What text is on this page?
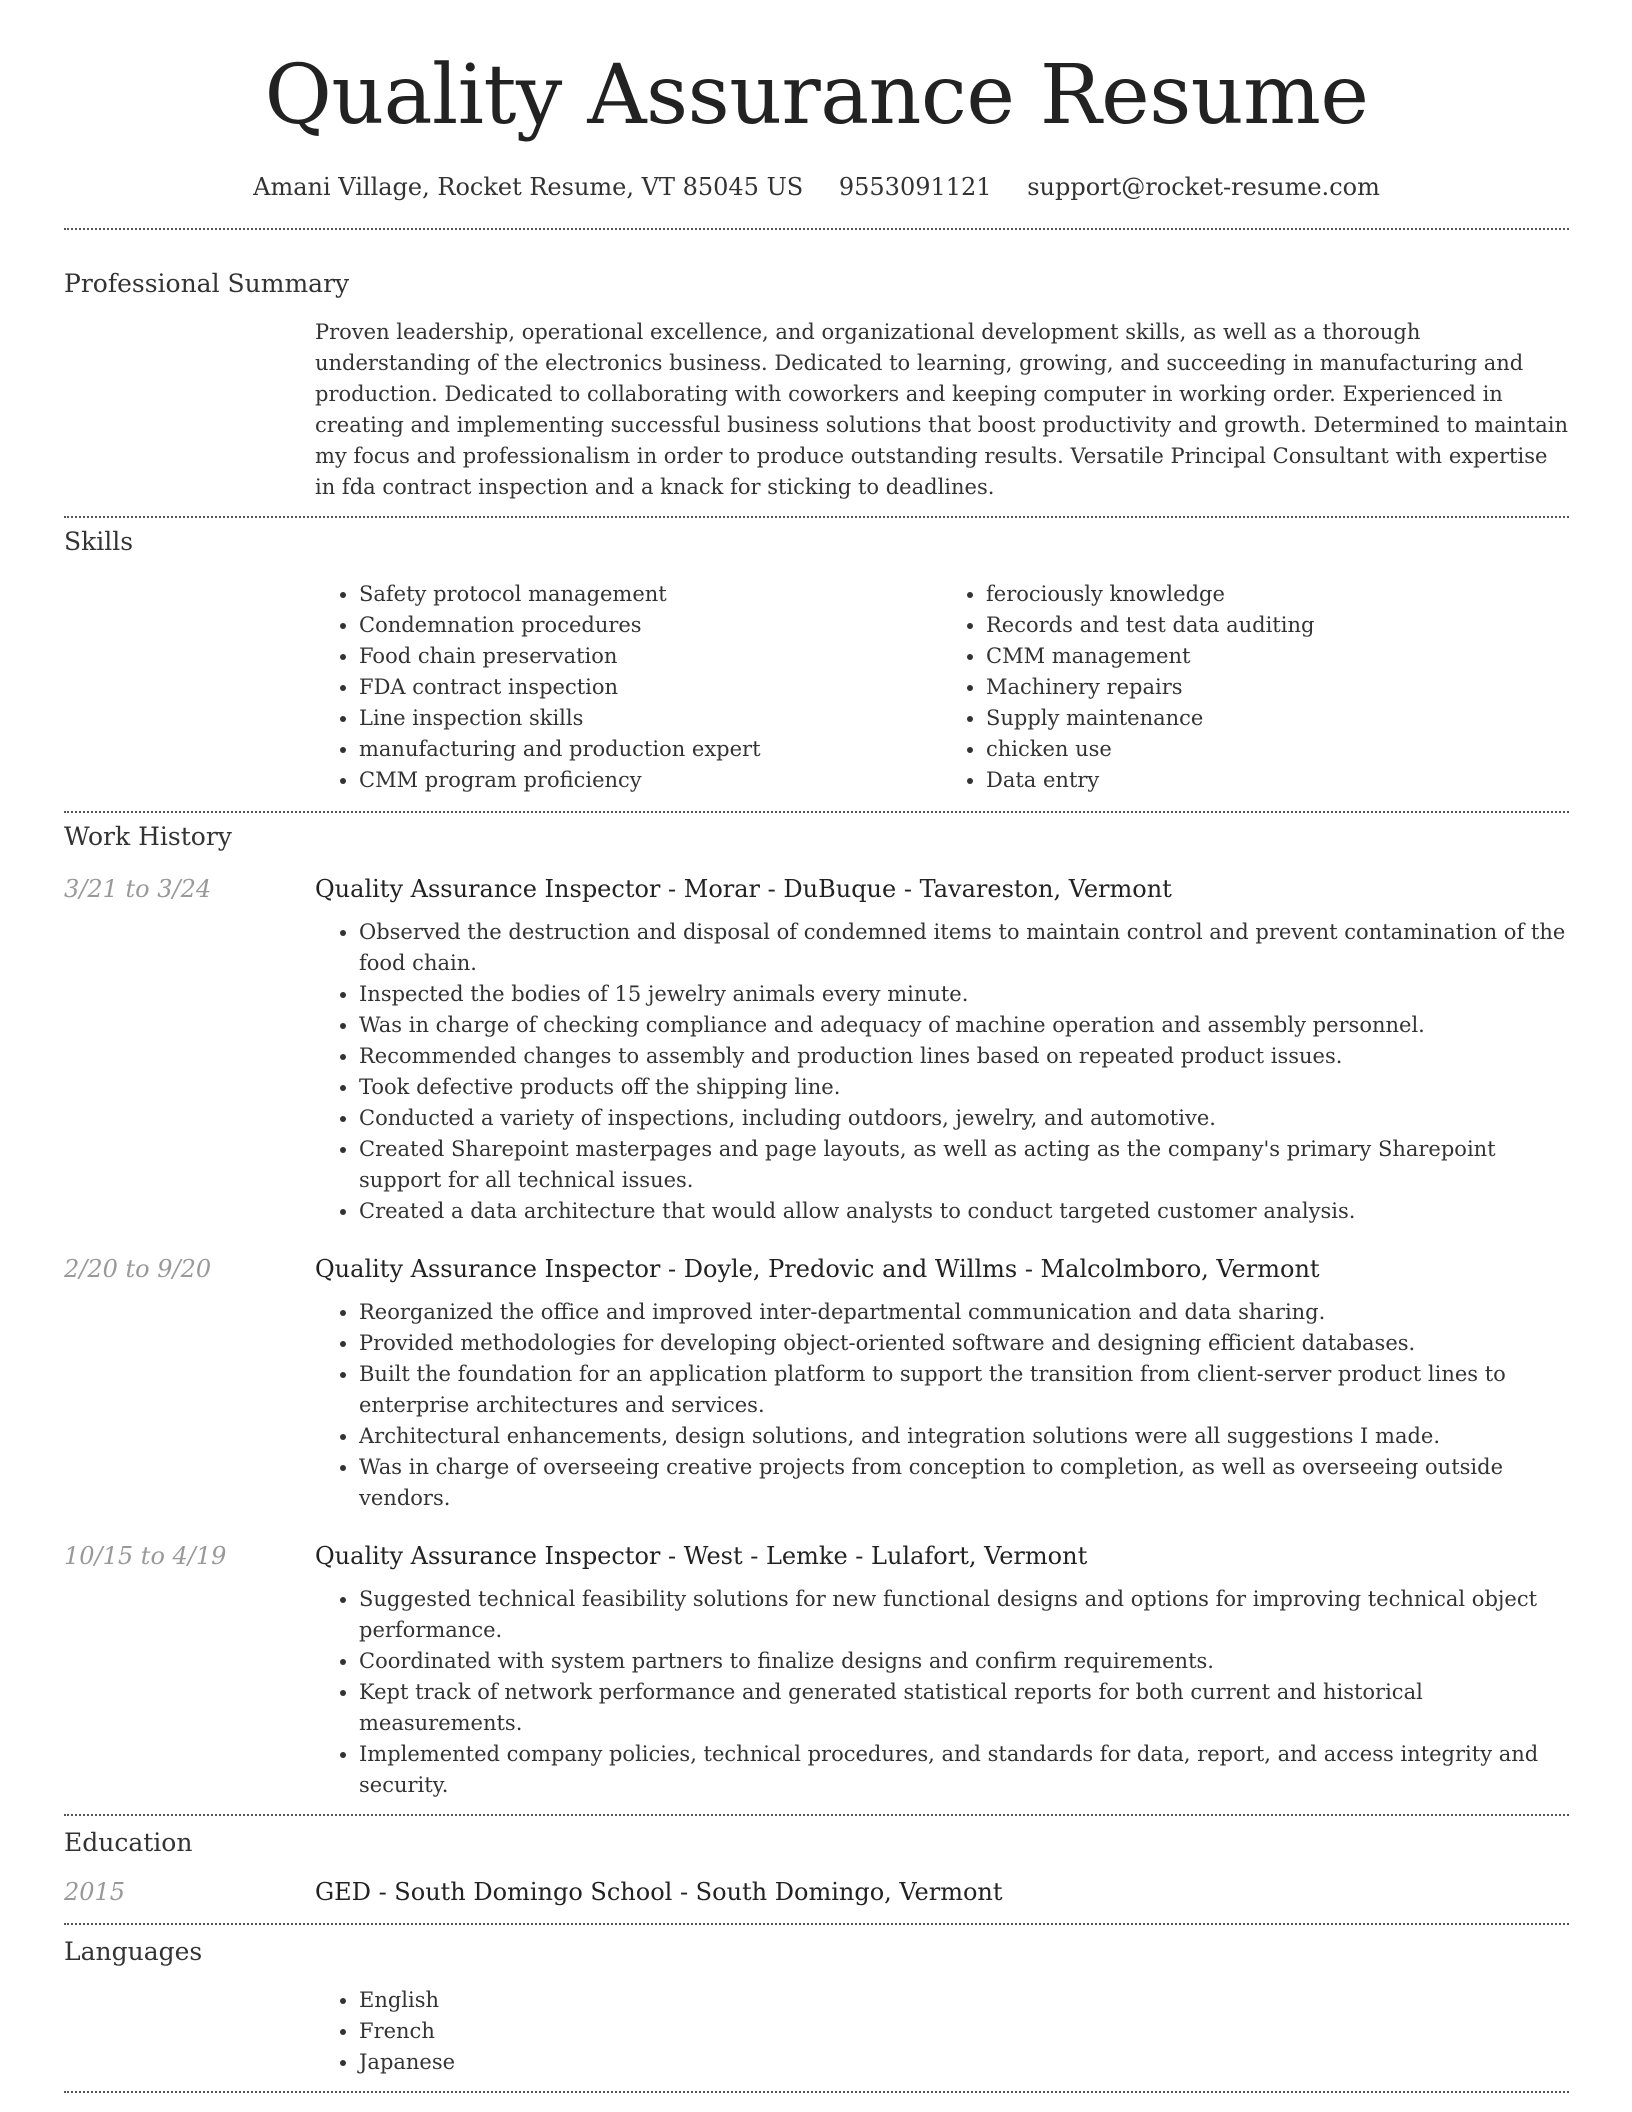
Quality Assurance Resume
Amani Village, Rocket Resume, VT 85045 US 9553091121 support@rocket-resume.com
Professional Summary
Proven leadership, operational excellence, and organizational development skills, as well as a thorough understanding of the electronics business. Dedicated to learning, growing, and succeeding in manufacturing and production. Dedicated to collaborating with coworkers and keeping computer in working order. Experienced in creating and implementing successful business solutions that boost productivity and growth. Determined to maintain my focus and professionalism in order to produce outstanding results. Versatile Principal Consultant with expertise in fda contract inspection and a knack for sticking to deadlines.
Skills
• Safety protocol management
• Condemnation procedures
• Food chain preservation
• FDA contract inspection
• Line inspection skills
• manufacturing and production expert
• CMM program proficiency
• ferociously knowledge
• Records and test data auditing
• CMM management
• Machinery repairs
• Supply maintenance
• chicken use
• Data entry
Work History
3/21 to 3/24	Quality Assurance Inspector - Morar - DuBuque - Tavareston, Vermont
• Observed the destruction and disposal of condemned items to maintain control and prevent contamination of the food chain.
• Inspected the bodies of 15 jewelry animals every minute.
• Was in charge of checking compliance and adequacy of machine operation and assembly personnel.
• Recommended changes to assembly and production lines based on repeated product issues.
• Took defective products off the shipping line.
• Conducted a variety of inspections, including outdoors, jewelry, and automotive.
• Created Sharepoint masterpages and page layouts, as well as acting as the company's primary Sharepoint support for all technical issues.
• Created a data architecture that would allow analysts to conduct targeted customer analysis.
2/20 to 9/20	Quality Assurance Inspector - Doyle, Predovic and Willms - Malcolmboro, Vermont
• Reorganized the office and improved inter-departmental communication and data sharing.
• Provided methodologies for developing object-oriented software and designing efficient databases.
• Built the foundation for an application platform to support the transition from client-server product lines to enterprise architectures and services.
• Architectural enhancements, design solutions, and integration solutions were all suggestions I made.
• Was in charge of overseeing creative projects from conception to completion, as well as overseeing outside vendors.
10/15 to 4/19	Quality Assurance Inspector - West - Lemke - Lulafort, Vermont
• Suggested technical feasibility solutions for new functional designs and options for improving technical object performance.
• Coordinated with system partners to finalize designs and confirm requirements.
• Kept track of network performance and generated statistical reports for both current and historical measurements.
• Implemented company policies, technical procedures, and standards for data, report, and access integrity and security.
Education
2015	GED - South Domingo School - South Domingo, Vermont
Languages
• English
• French
• Japanese
